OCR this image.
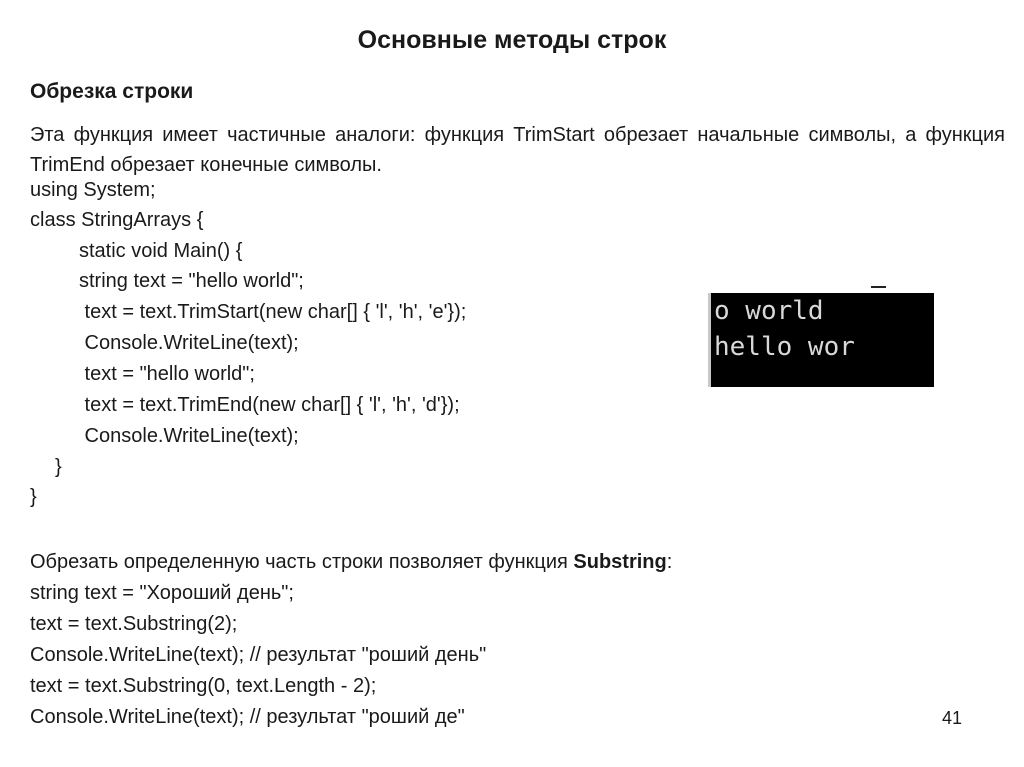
Основные методы строк
Обрезка строки
Эта функция имеет частичные аналоги: функция TrimStart обрезает начальные символы, а функция TrimEnd обрезает конечные символы.
using System;
class StringArrays {
static void Main() {
string text = "hello world";
text = text.TrimStart(new char[] { 'l', 'h', 'e'});
Console.WriteLine(text);
text = "hello world";
text = text.TrimEnd(new char[] { 'l', 'h', 'd'});
Console.WriteLine(text);
}
}
o world
hello wor
Обрезать определенную часть строки позволяет функция Substring:
string text = "Хороший день";
text = text.Substring(2);
Console.WriteLine(text); // результат "роший день"
text = text.Substring(0, text.Length - 2);
Console.WriteLine(text); // результат "роший де"	41
